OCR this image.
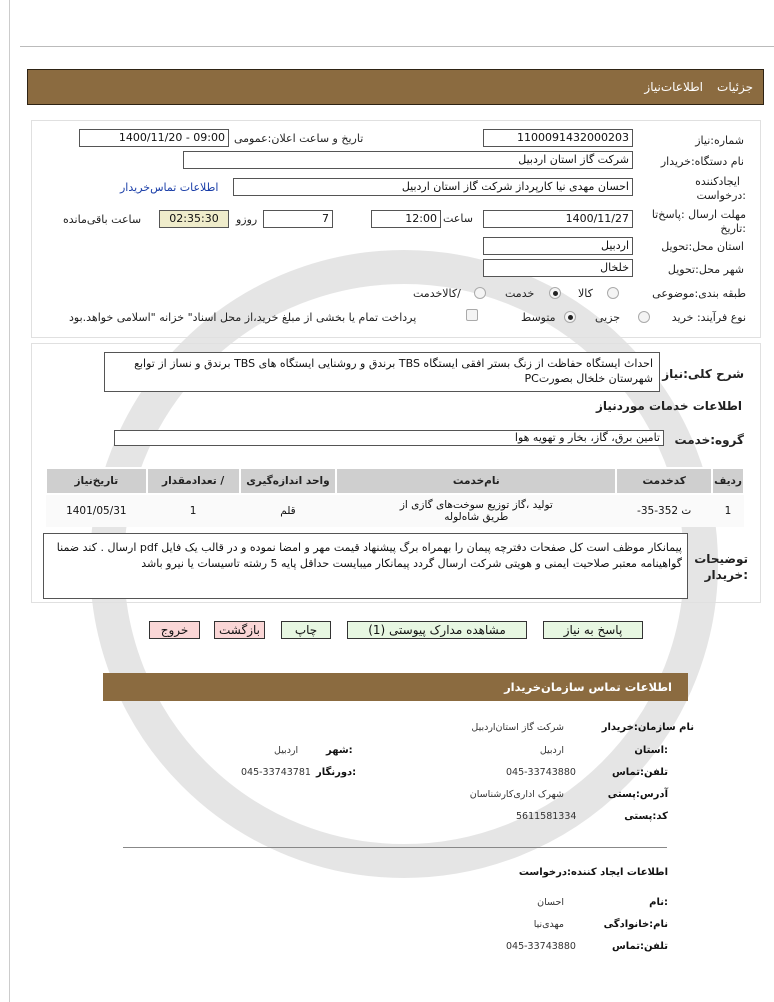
جزئیات
اطلاعات‌نیاز
شماره:نیاز
1100091432000203
تاریخ و ساعت اعلان:عمومی
1400/11/20 - 09:00
نام دستگاه:خریدار
شرکت گاز استان اردبیل
ایجادکننده
:درخواست
احسان مهدی نیا کارپرداز شرکت گاز استان اردبیل
اطلاعات تماس‌خریدار
مهلت ارسال :پاسخ‌تا
:تاریخ
1400/11/27
ساعت
12:00
7
روزو
02:35:30
ساعت باقی‌مانده
استان محل:تحویل
اردبیل
شهر محل:تحویل
خلخال
طبقه بندی:موضوعی
کالا
خدمت
/کالاخدمت
نوع فرآیند: خرید
جزیی
متوسط
پرداخت تمام یا بخشی از مبلغ خرید،از محل اسناد" خزانه "اسلامی خواهد.بود
شرح کلی:نیاز
احداث ایستگاه حفاظت از زنگ بستر افقی ایستگاه TBS برندق و روشنایی ایستگاه های TBS برندق و نساز از توابع شهرستان خلخال بصورتPC
اطلاعات خدمات موردنیاز
گروه:خدمت
تامین برق، گاز، بخار و تهویه هوا
ردیف	کدخدمت	نام‌خدمت	واحد اندازه‌گیری	/ تعدادمقدار	تاریخ‌نیاز
1	ت 352-35-	تولید ،گاز توزیع سوخت‌های گازی از طریق شاه‌لوله	قلم	1	1401/05/31
توضیحات
:خریدار
پیمانکار موظف است کل صفحات دفترچه پیمان را بهمراه برگ پیشنهاد قیمت مهر و امضا نموده و در قالب یک فایل pdf ارسال . کند ضمنا گواهینامه معتبر صلاحیت ایمنی و هویتی شرکت ارسال گردد پیمانکار میبایست حداقل پایه 5 رشته تاسیسات یا نیرو باشد
پاسخ به نیاز
مشاهده مدارک پیوستی (1)
چاپ
بازگشت
خروج
اطلاعات تماس سازمان‌خریدار
نام سازمان:خریدار
شرکت گاز استان‌اردبیل
:استان
اردبیل
:شهر
اردبیل
تلفن:تماس
045-33743880
:دورنگار
045-33743781
آدرس:پستی
شهرک اداری‌کارشناسان
کد:پستی
5611581334
اطلاعات ایجاد کننده:درخواست
:نام
احسان
نام:خانوادگی
مهدی‌نیا
تلفن:تماس
045-33743880
